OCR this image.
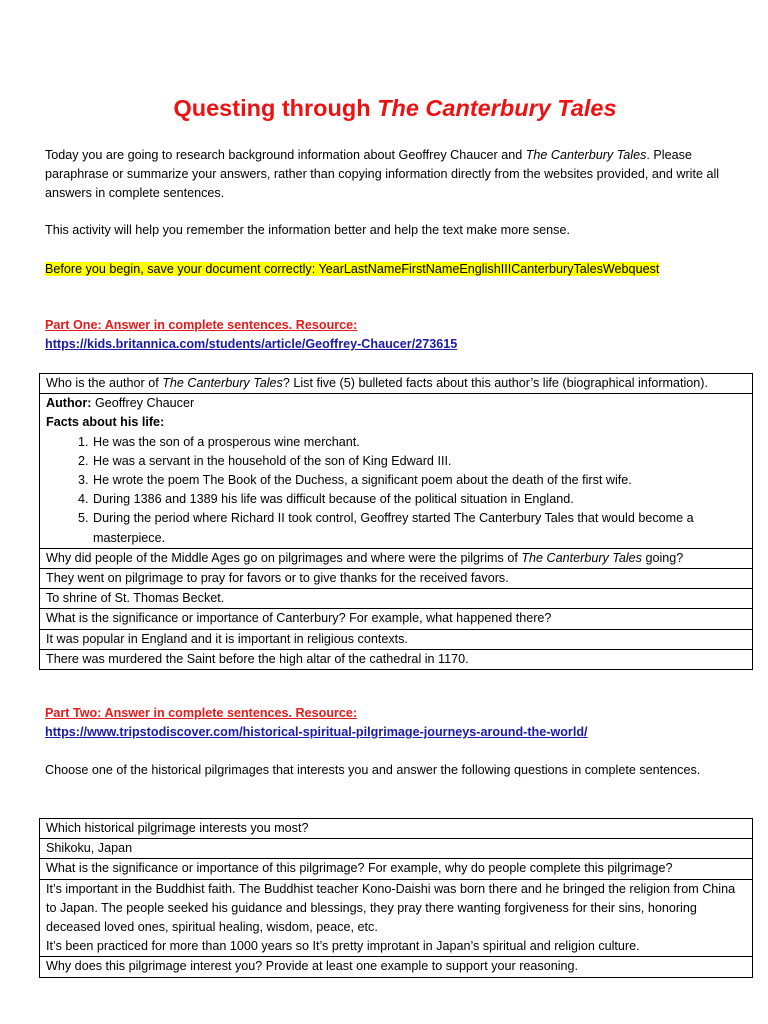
Questing through The Canterbury Tales
Today you are going to research background information about Geoffrey Chaucer and The Canterbury Tales. Please paraphrase or summarize your answers, rather than copying information directly from the websites provided, and write all answers in complete sentences.
This activity will help you remember the information better and help the text make more sense.
Before you begin, save your document correctly: YearLastNameFirstNameEnglishIIICanterburyTalesWebquest
Part One: Answer in complete sentences. Resource:
https://kids.britannica.com/students/article/Geoffrey-Chaucer/273615
Who is the author of The Canterbury Tales? List five (5) bulleted facts about this author’s life (biographical information).

Author: Geoffrey Chaucer
Facts about his life:
1. He was the son of a prosperous wine merchant.
2. He was a servant in the household of the son of King Edward III.
3. He wrote the poem The Book of the Duchess, a significant poem about the death of the first wife.
4. During 1386 and 1389 his life was difficult because of the political situation in England.
5. During the period where Richard II took control, Geoffrey started The Canterbury Tales that would become a masterpiece.

Why did people of the Middle Ages go on pilgrimages and where were the pilgrims of The Canterbury Tales going?
They went on pilgrimage to pray for favors or to give thanks for the received favors.
To shrine of St. Thomas Becket.
What is the significance or importance of Canterbury? For example, what happened there?
It was popular in England and it is important in religious contexts.
There was murdered the Saint before the high altar of the cathedral in 1170.
Part Two: Answer in complete sentences. Resource:
https://www.tripstodiscover.com/historical-spiritual-pilgrimage-journeys-around-the-world/
Choose one of the historical pilgrimages that interests you and answer the following questions in complete sentences.
Which historical pilgrimage interests you most?
Shikoku, Japan
What is the significance or importance of this pilgrimage? For example, why do people complete this pilgrimage?

It’s important in the Buddhist faith. The Buddhist teacher Kono-Daishi was born there and he bringed the religion from China to Japan. The people seeked his guidance and blessings, they pray there wanting forgiveness for their sins, honoring deceased loved ones, spiritual healing, wisdom, peace, etc.
It’s been practiced for more than 1000 years so It’s pretty improtant in Japan’s spiritual and religion culture.

Why does this pilgrimage interest you? Provide at least one example to support your reasoning.
